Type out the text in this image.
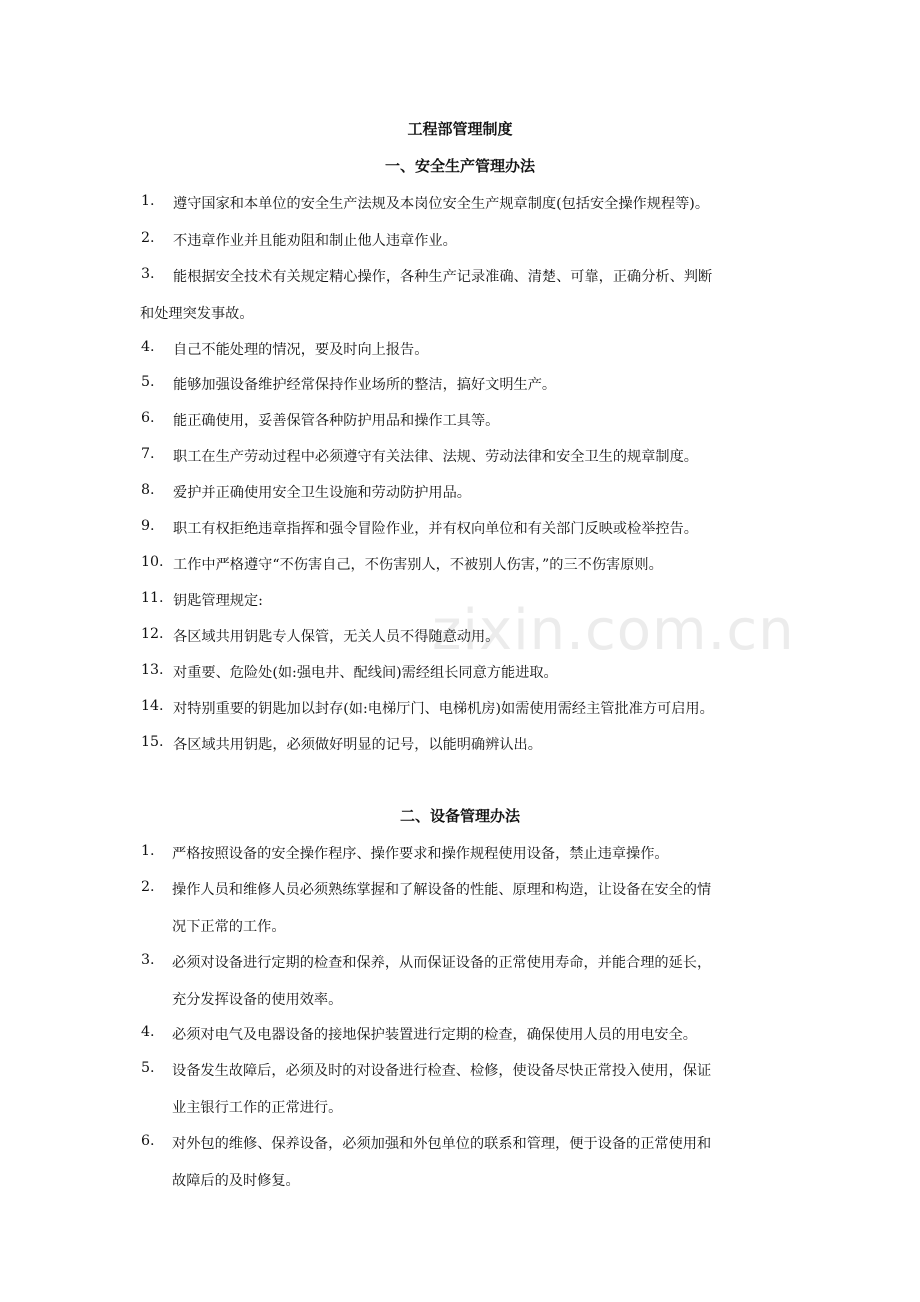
zixin.com.cn
工程部管理制度
一、安全生产管理办法
1.	遵守国家和本单位的安全生产法规及本岗位安全生产规章制度(包括安全操作规程等)。
2.	不违章作业并且能劝阻和制止他人违章作业。
3.	能根据安全技术有关规定精心操作，各种生产记录准确、清楚、可靠，正确分析、判断
和处理突发事故。
4.	自己不能处理的情况，要及时向上报告。
5.	能够加强设备维护经常保持作业场所的整洁，搞好文明生产。
6.	能正确使用，妥善保管各种防护用品和操作工具等。
7.	职工在生产劳动过程中必须遵守有关法律、法规、劳动法律和安全卫生的规章制度。
8.	爱护并正确使用安全卫生设施和劳动防护用品。
9.	职工有权拒绝违章指挥和强令冒险作业，并有权向单位和有关部门反映或检举控告。
10. 工作中严格遵守“不伤害自己，不伤害别人，不被别人伤害，”的三不伤害原则。
11. 钥匙管理规定:
12. 各区域共用钥匙专人保管，无关人员不得随意动用。
13. 对重要、危险处(如:强电井、配线间)需经组长同意方能进取。
14. 对特别重要的钥匙加以封存(如:电梯厅门、电梯机房)如需使用需经主管批准方可启用。
15. 各区域共用钥匙，必须做好明显的记号，以能明确辨认出。
二、设备管理办法
1. 严格按照设备的安全操作程序、操作要求和操作规程使用设备，禁止违章操作。
2. 操作人员和维修人员必须熟练掌握和了解设备的性能、原理和构造，让设备在安全的情
况下正常的工作。
3. 必须对设备进行定期的检查和保养，从而保证设备的正常使用寿命，并能合理的延长，
充分发挥设备的使用效率。
4. 必须对电气及电器设备的接地保护装置进行定期的检查，确保使用人员的用电安全。
5. 设备发生故障后，必须及时的对设备进行检查、检修，使设备尽快正常投入使用，保证
业主银行工作的正常进行。
6. 对外包的维修、保养设备，必须加强和外包单位的联系和管理，便于设备的正常使用和
故障后的及时修复。
